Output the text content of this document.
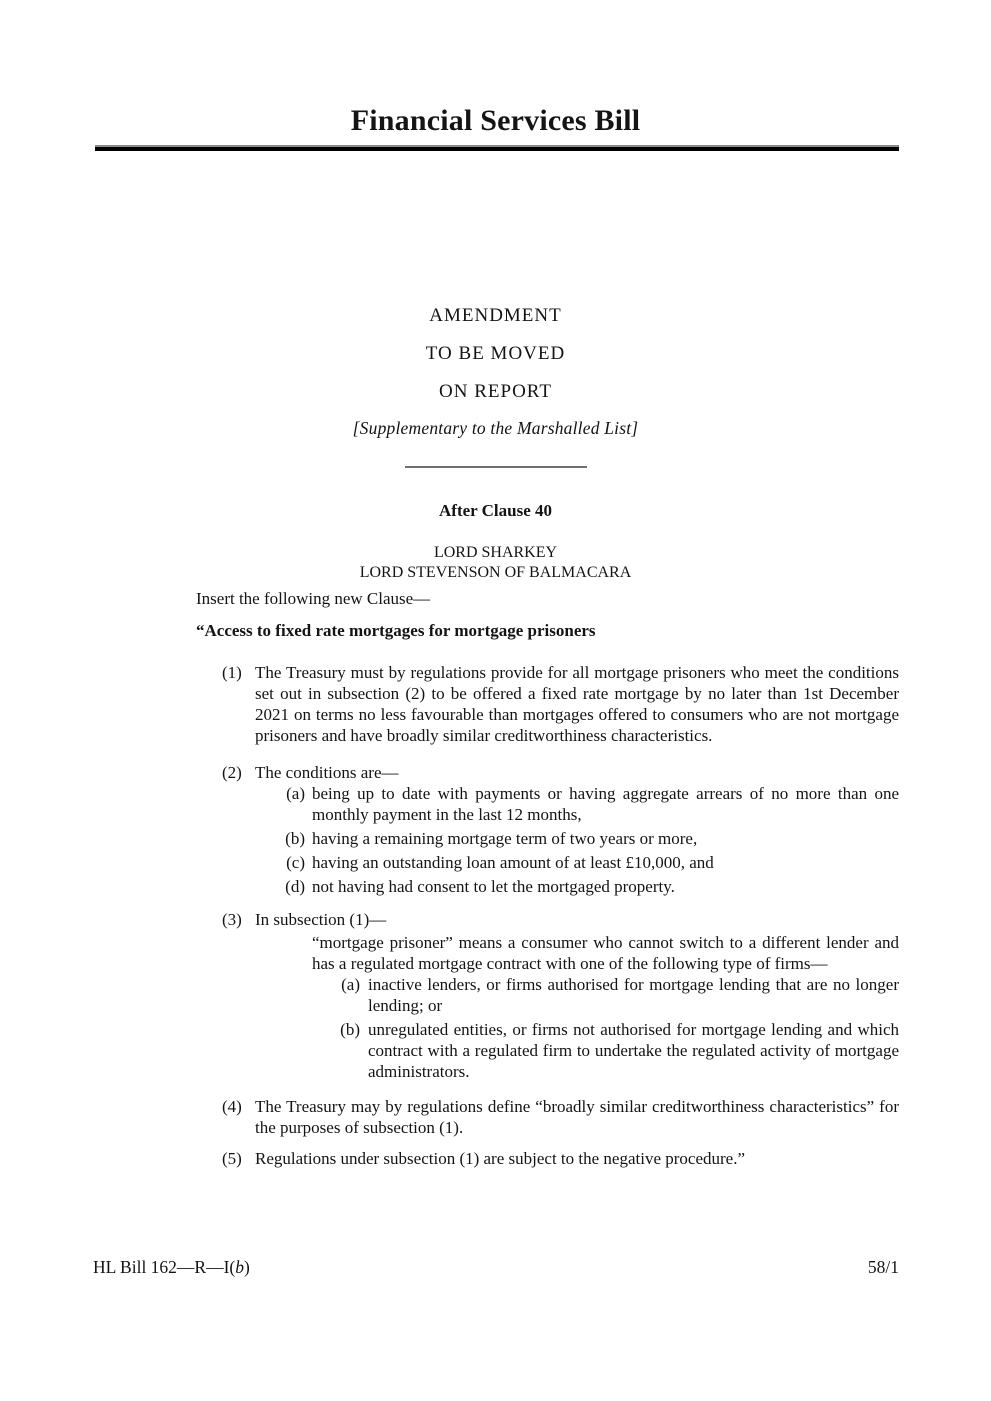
Financial Services Bill
AMENDMENT
TO BE MOVED
ON REPORT
[Supplementary to the Marshalled List]
After Clause 40
LORD SHARKEY
LORD STEVENSON OF BALMACARA

Insert the following new Clause—

“Access to fixed rate mortgages for mortgage prisoners

(1) The Treasury must by regulations provide for all mortgage prisoners who meet the conditions set out in subsection (2) to be offered a fixed rate mortgage by no later than 1st December 2021 on terms no less favourable than mortgages offered to consumers who are not mortgage prisoners and have broadly similar creditworthiness characteristics.

(2) The conditions are—

(a) being up to date with payments or having aggregate arrears of no more than one monthly payment in the last 12 months,

(b) having a remaining mortgage term of two years or more,

(c) having an outstanding loan amount of at least £10,000, and

(d) not having had consent to let the mortgaged property.

(3) In subsection (1)—

“mortgage prisoner” means a consumer who cannot switch to a different lender and has a regulated mortgage contract with one of the following type of firms—

(a) inactive lenders, or firms authorised for mortgage lending that are no longer lending; or

(b) unregulated entities, or firms not authorised for mortgage lending and which contract with a regulated firm to undertake the regulated activity of mortgage administrators.

(4) The Treasury may by regulations define “broadly similar creditworthiness characteristics” for the purposes of subsection (1).

(5) Regulations under subsection (1) are subject to the negative procedure.”

HL Bill 162—R—I(b)	58/1
